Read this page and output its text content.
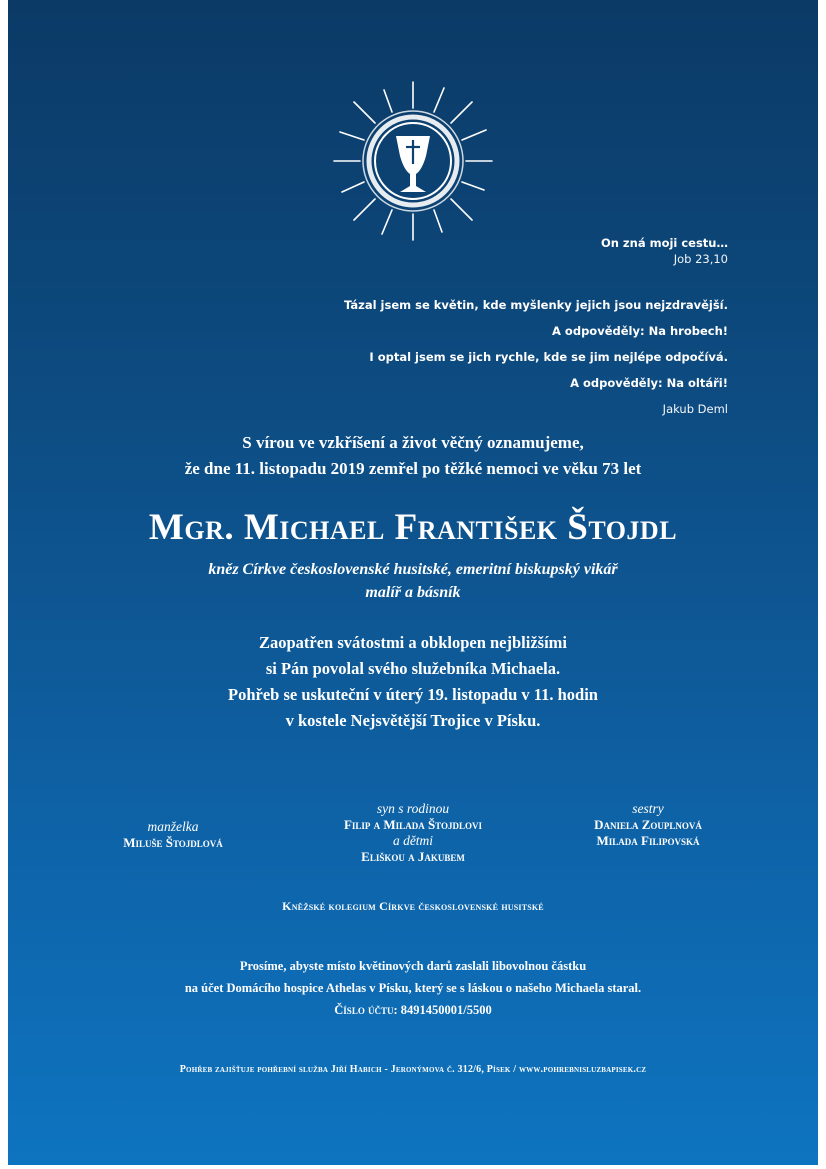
On zná moji cestu…
Job 23,10
Tázal jsem se květin, kde myšlenky jejich jsou nejzdravější.
A odpověděly: Na hrobech!
I optal jsem se jich rychle, kde se jim nejlépe odpočívá.
A odpověděly: Na oltáři!
Jakub Deml
S vírou ve vzkříšení a život věčný oznamujeme,
že dne 11. listopadu 2019 zemřel po těžké nemoci ve věku 73 let
Mgr. Michael František Štojdl
kněz Církve československé husitské, emeritní biskupský vikář
malíř a básník
Zaopatřen svátostmi a obklopen nejbližšími
si Pán povolal svého služebníka Michaela.
Pohřeb se uskuteční v úterý 19. listopadu v 11. hodin
v kostele Nejsvětější Trojice v Písku.
manželka
Miluše Štojdlová
syn s rodinou
Filip a Milada Štojdlovi
a dětmi
Eliškou a Jakubem
sestry
Daniela Zouplnová
Milada Filipovská
Kněžské kolegium Církve československé husitské
Prosíme, abyste místo květinových darů zaslali libovolnou částku
na účet Domácího hospice Athelas v Písku, který se s láskou o našeho Michaela staral.
Číslo účtu: 8491450001/5500
Pohřeb zajišťuje pohřební služba Jiří Habich - Jeronýmova č. 312/6, Písek / www.pohrebnisluzbapisek.cz
